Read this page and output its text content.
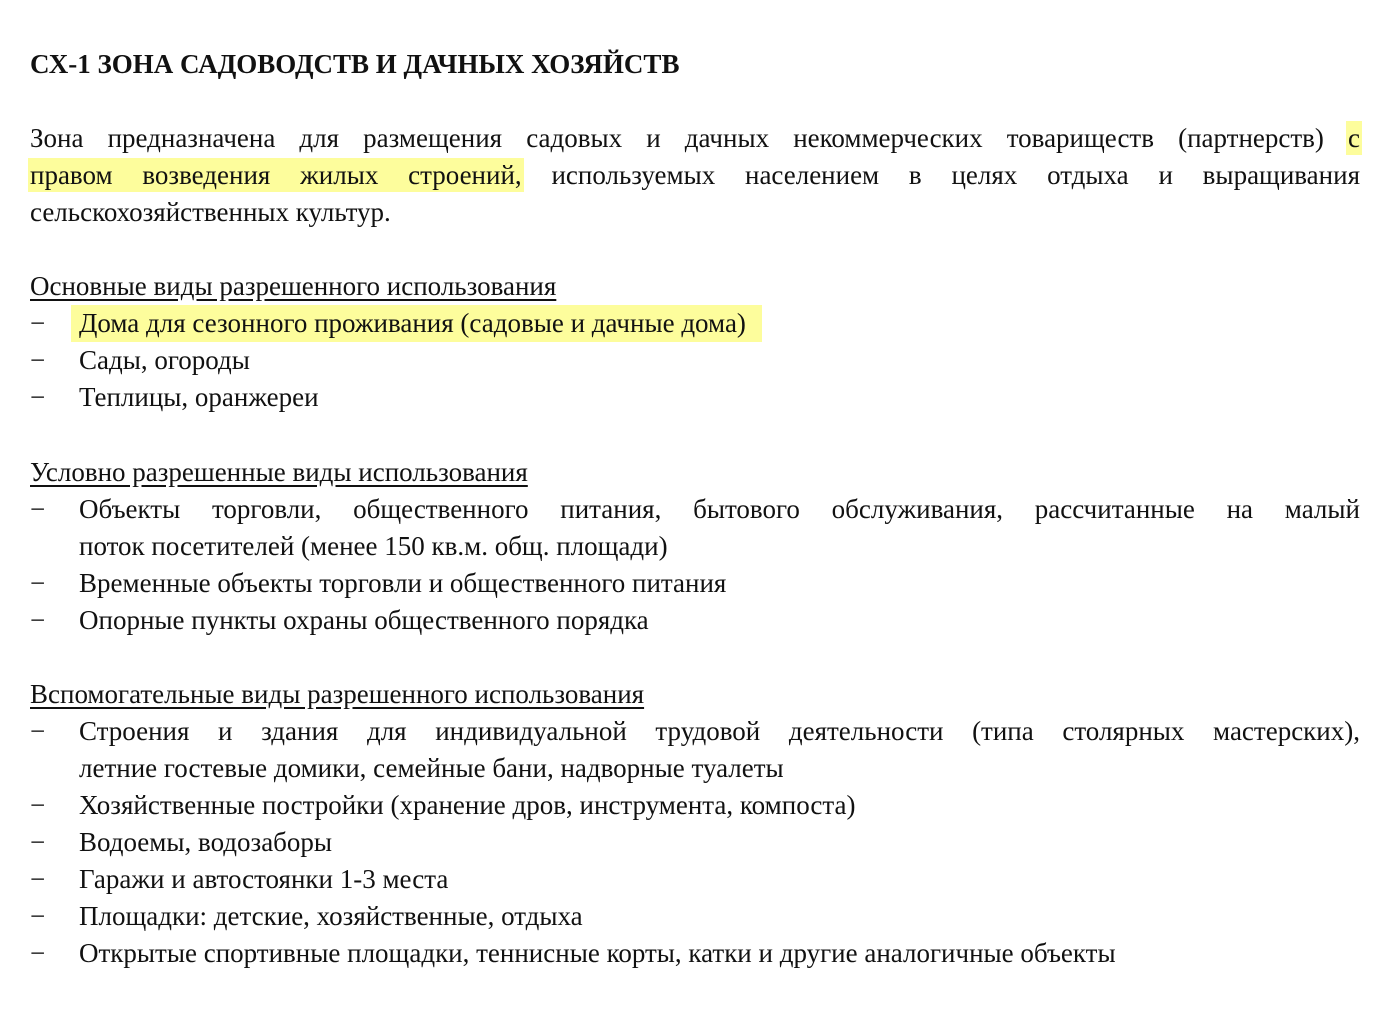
СХ-1 ЗОНА САДОВОДСТВ И ДАЧНЫХ ХОЗЯЙСТВ
Зона предназначена для размещения садовых и дачных некоммерческих товариществ (партнерств) с
правом возведения жилых строений, используемых населением в целях отдыха и выращивания
сельскохозяйственных культур.
Основные виды разрешенного использования
− Дома для сезонного проживания (садовые и дачные дома)
− Сады, огороды
− Теплицы, оранжереи
Условно разрешенные виды использования
− Объекты торговли, общественного питания, бытового обслуживания, рассчитанные на малый
поток посетителей (менее 150 кв.м. общ. площади)
− Временные объекты торговли и общественного питания
− Опорные пункты охраны общественного порядка
Вспомогательные виды разрешенного использования
− Строения и здания для индивидуальной трудовой деятельности (типа столярных мастерских),
летние гостевые домики, семейные бани, надворные туалеты
− Хозяйственные постройки (хранение дров, инструмента, компоста)
− Водоемы, водозаборы
− Гаражи и автостоянки 1-3 места
− Площадки: детские, хозяйственные, отдыха
− Открытые спортивные площадки, теннисные корты, катки и другие аналогичные объекты
